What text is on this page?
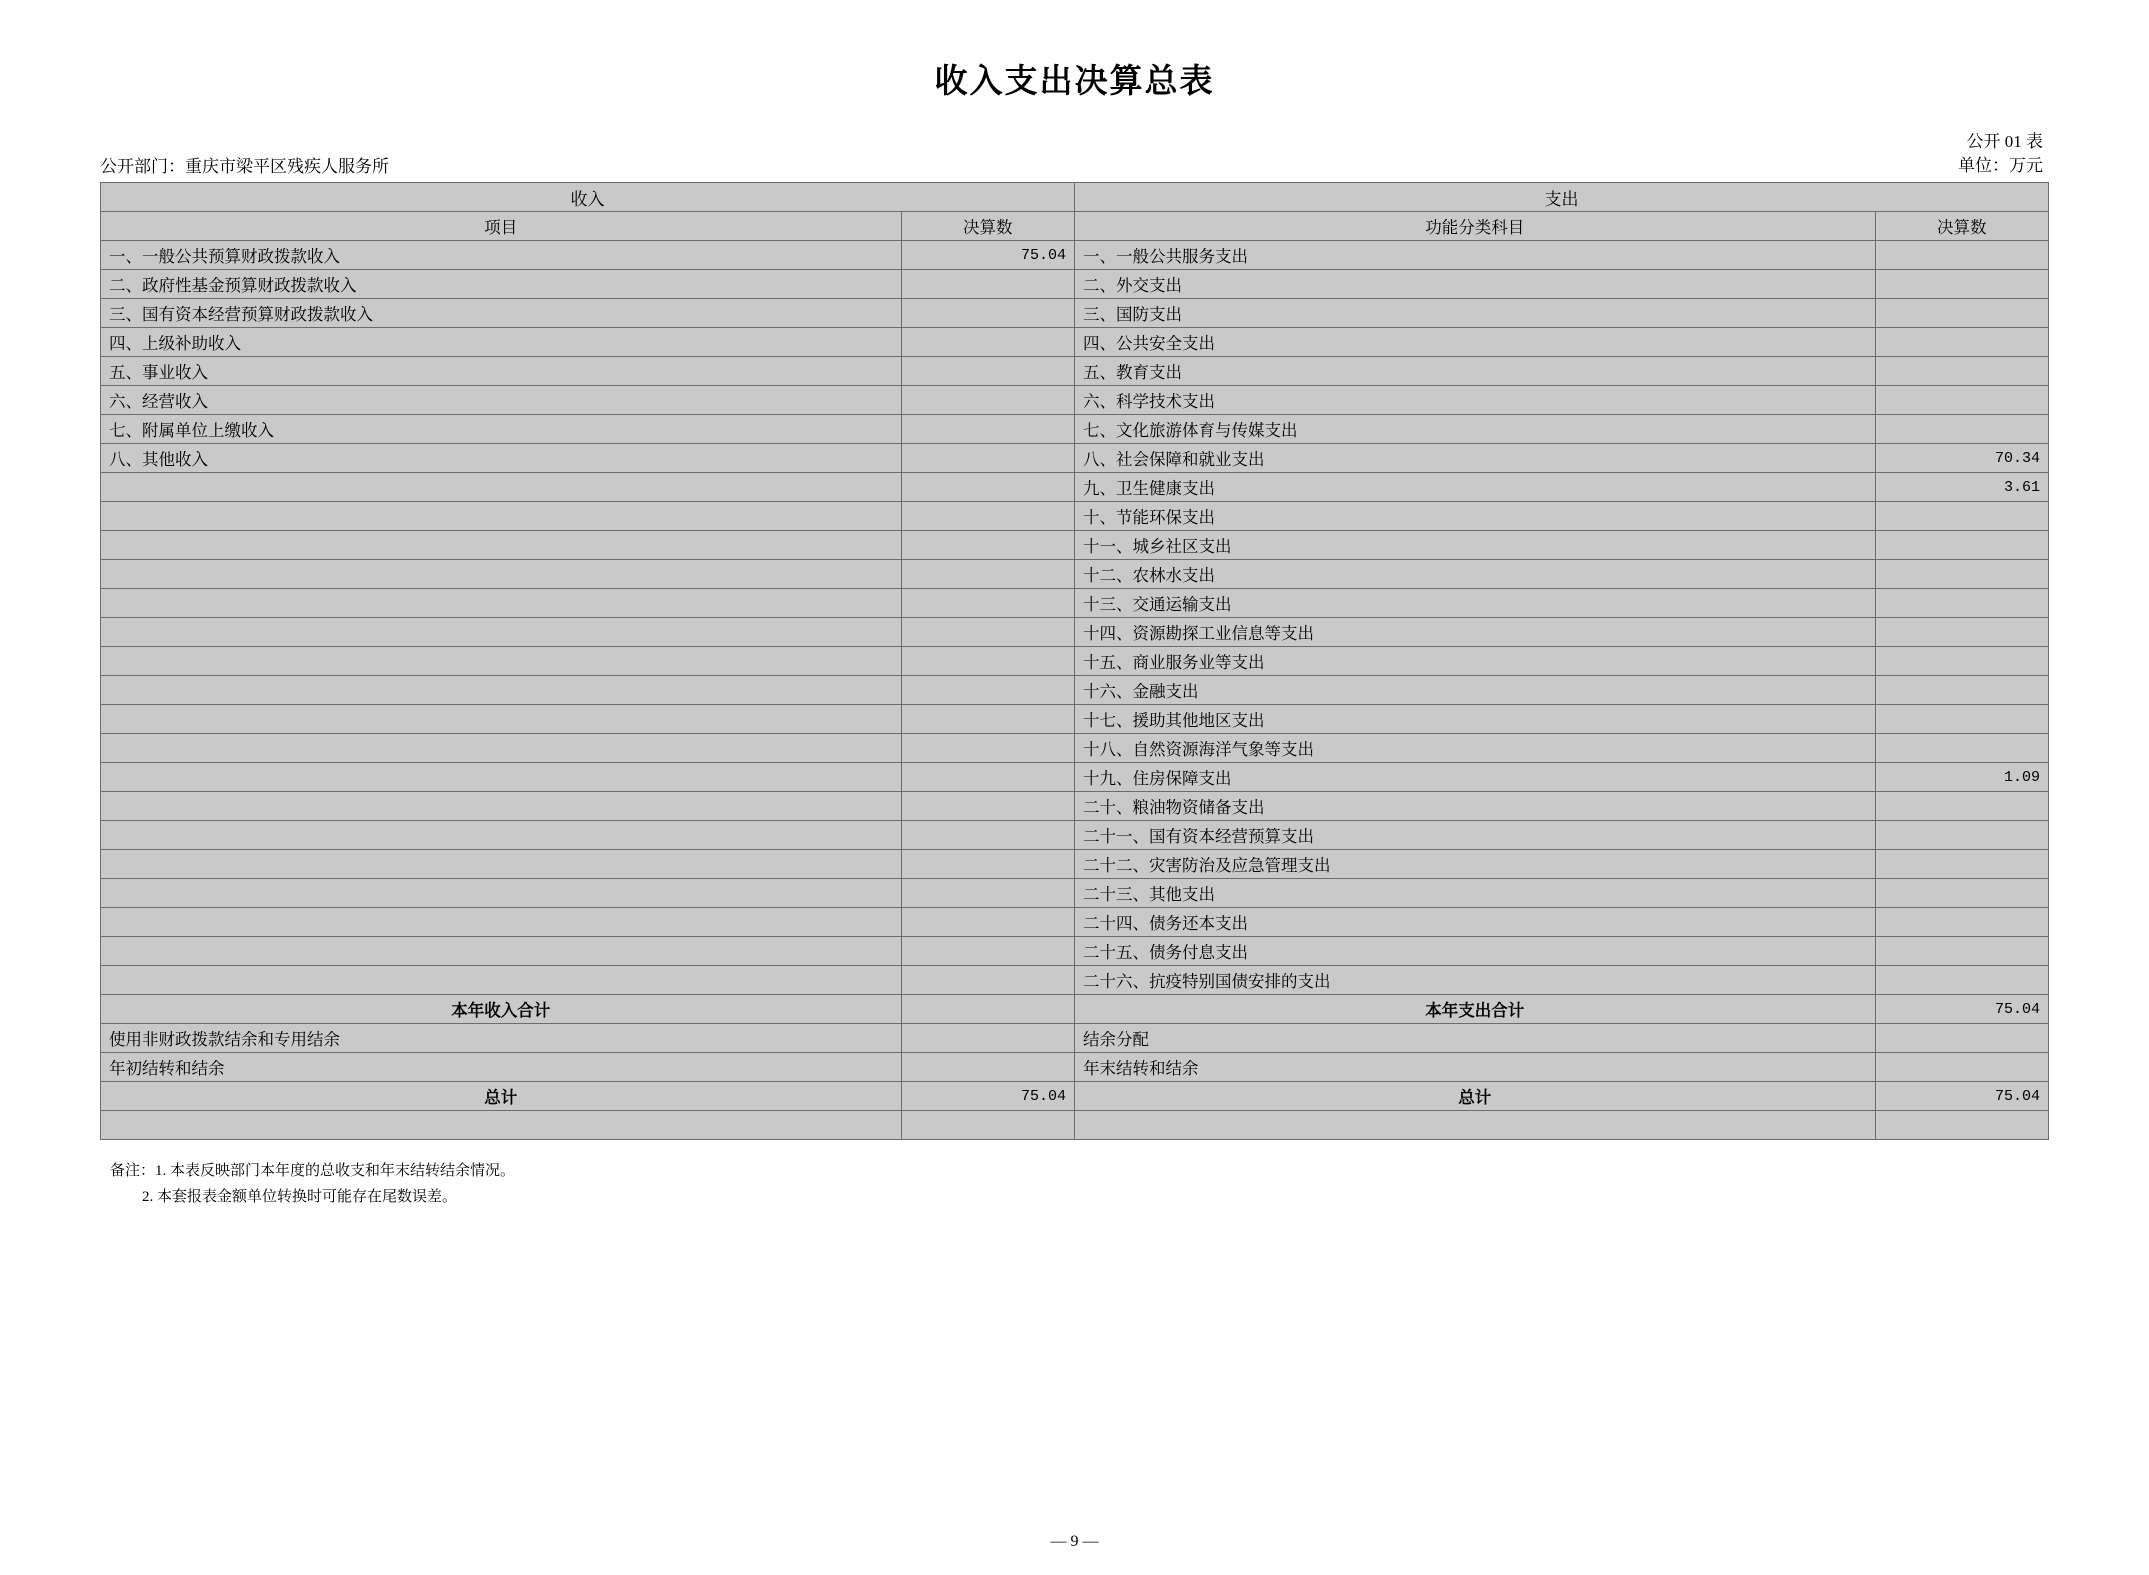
收入支出决算总表
公开部门：重庆市梁平区残疾人服务所
公开 01 表
单位：万元
收入		支出	
项目	决算数	功能分类科目	决算数
一、一般公共预算财政拨款收入	75.04	一、一般公共服务支出	
二、政府性基金预算财政拨款收入		二、外交支出	
三、国有资本经营预算财政拨款收入		三、国防支出	
四、上级补助收入		四、公共安全支出	
五、事业收入		五、教育支出	
六、经营收入		六、科学技术支出	
七、附属单位上缴收入		七、文化旅游体育与传媒支出	
八、其他收入		八、社会保障和就业支出	70.34
		九、卫生健康支出	3.61
		十、节能环保支出	
		十一、城乡社区支出	
		十二、农林水支出	
		十三、交通运输支出	
		十四、资源勘探工业信息等支出	
		十五、商业服务业等支出	
		十六、金融支出	
		十七、援助其他地区支出	
		十八、自然资源海洋气象等支出	
		十九、住房保障支出	1.09
		二十、粮油物资储备支出	
		二十一、国有资本经营预算支出	
		二十二、灾害防治及应急管理支出	
		二十三、其他支出	
		二十四、债务还本支出	
		二十五、债务付息支出	
		二十六、抗疫特别国债安排的支出	
本年收入合计		本年支出合计	75.04
使用非财政拨款结余和专用结余		结余分配	
年初结转和结余		年末结转和结余	
总计	75.04	总计	75.04

备注：1. 本表反映部门本年度的总收支和年末结转结余情况。
2. 本套报表金额单位转换时可能存在尾数误差。
— 9 —
